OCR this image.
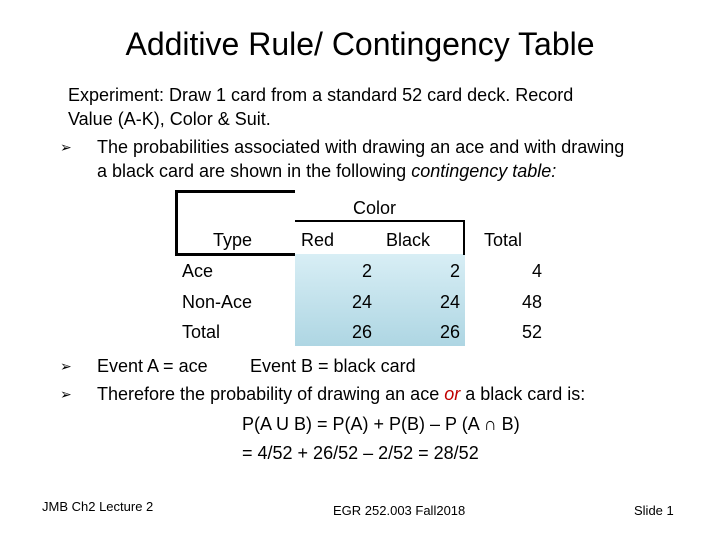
Additive Rule/ Contingency Table
Experiment: Draw 1 card from a standard 52 card deck. Record
Value (A-K), Color & Suit.
➢ The probabilities associated with drawing an ace and with drawing
a black card are shown in the following contingency table:
Color
Type	Red	Black	Total
Ace	2	2	4
Non-Ace	24	24	48
Total	26	26	52
➢ Event A = ace Event B = black card
➢ Therefore the probability of drawing an ace or a black card is:
P(A U B) = P(A) + P(B) – P (A ∩ B)
= 4/52 + 26/52 – 2/52 = 28/52
JMB Ch2 Lecture 2	EGR 252.003 Fall2018	Slide 1
